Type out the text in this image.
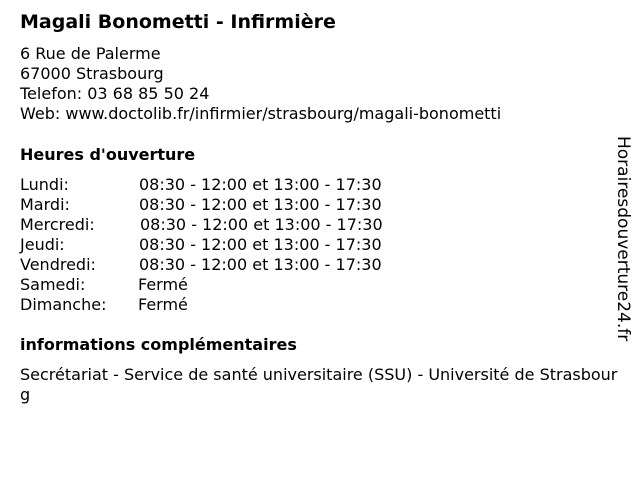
Magali Bonometti - Infirmière
6 Rue de Palerme
67000 Strasbourg
Telefon: 03 68 85 50 24
Web: www.doctolib.fr/infirmier/strasbourg/magali-bonometti
Heures d'ouverture
Lundi:	08:30 - 12:00 et 13:00 - 17:30
Mardi:	08:30 - 12:00 et 13:00 - 17:30
Mercredi:	08:30 - 12:00 et 13:00 - 17:30
Jeudi:	08:30 - 12:00 et 13:00 - 17:30
Vendredi:	08:30 - 12:00 et 13:00 - 17:30
Samedi:	Fermé
Dimanche: Fermé
informations complémentaires
Secrétariat - Service de santé universitaire (SSU) - Université de Strasbourg
Horairesdouverture24.fr
